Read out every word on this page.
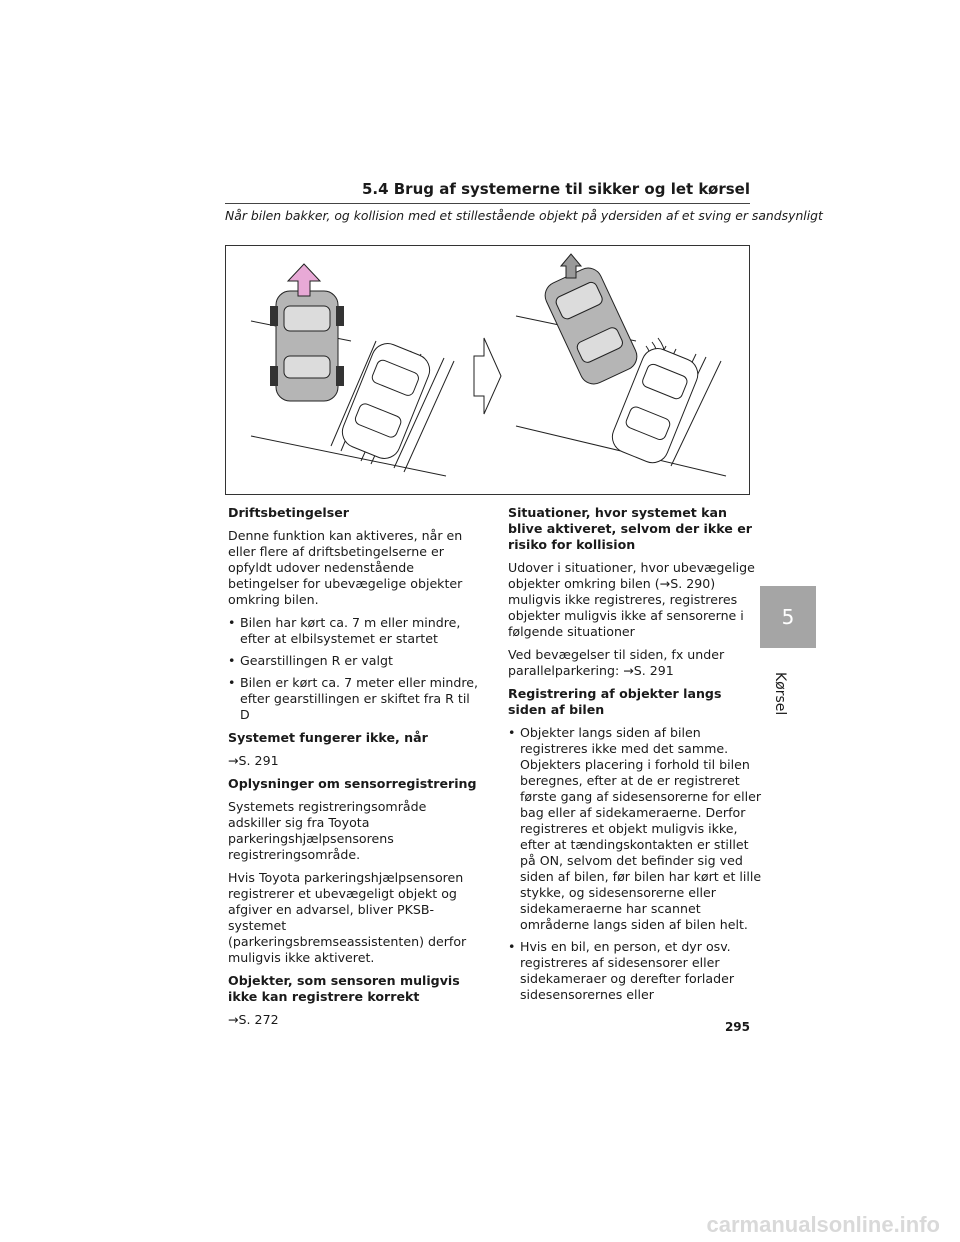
5.4 Brug af systemerne til sikker og let kørsel
Når bilen bakker, og kollision med et stillestående objekt på ydersiden af et sving er sandsynligt
Driftsbetingelser

Denne funktion kan aktiveres, når en eller flere af driftsbetingelserne er opfyldt udover nedenstående betingelser for ubevægelige objekter omkring bilen.

• Bilen har kørt ca. 7 m eller mindre, efter at elbilsystemet er startet
• Gearstillingen R er valgt
• Bilen er kørt ca. 7 meter eller mindre, efter gearstillingen er skiftet fra R til D
Systemet fungerer ikke, når

→S. 291

Oplysninger om sensorregistrering

Systemets registreringsområde adskiller sig fra Toyota parkeringshjælpsensorens registreringsområde.

Hvis Toyota parkeringshjælpsensoren registrerer et ubevægeligt objekt og afgiver en advarsel, bliver PKSB-systemet (parkeringsbremseassistenten) derfor muligvis ikke aktiveret.

Objekter, som sensoren muligvis ikke kan registrere korrekt

→S. 272

Situationer, hvor systemet kan blive aktiveret, selvom der ikke er risiko for kollision

Udover i situationer, hvor ubevægelige objekter omkring bilen (→S. 290) muligvis ikke registreres, registreres objekter muligvis ikke af sensorerne i følgende situationer

Ved bevægelser til siden, fx under parallelparkering: →S. 291

Registrering af objekter langs siden af bilen
• Objekter langs siden af bilen registreres ikke med det samme. Objekters placering i forhold til bilen beregnes, efter at de er registreret første gang af sidesensorerne for eller bag eller af sidekameraerne. Derfor registreres et objekt muligvis ikke, efter at tændingskontakten er stillet på ON, selvom det befinder sig ved siden af bilen, før bilen har kørt et lille stykke, og sidesensorerne eller sidekameraerne har scannet områderne langs siden af bilen helt.
• Hvis en bil, en person, et dyr osv. registreres af sidesensorer eller sidekameraer og derefter forlader sidesensorernes eller
5
Kørsel
295
carmanualsonline.info
